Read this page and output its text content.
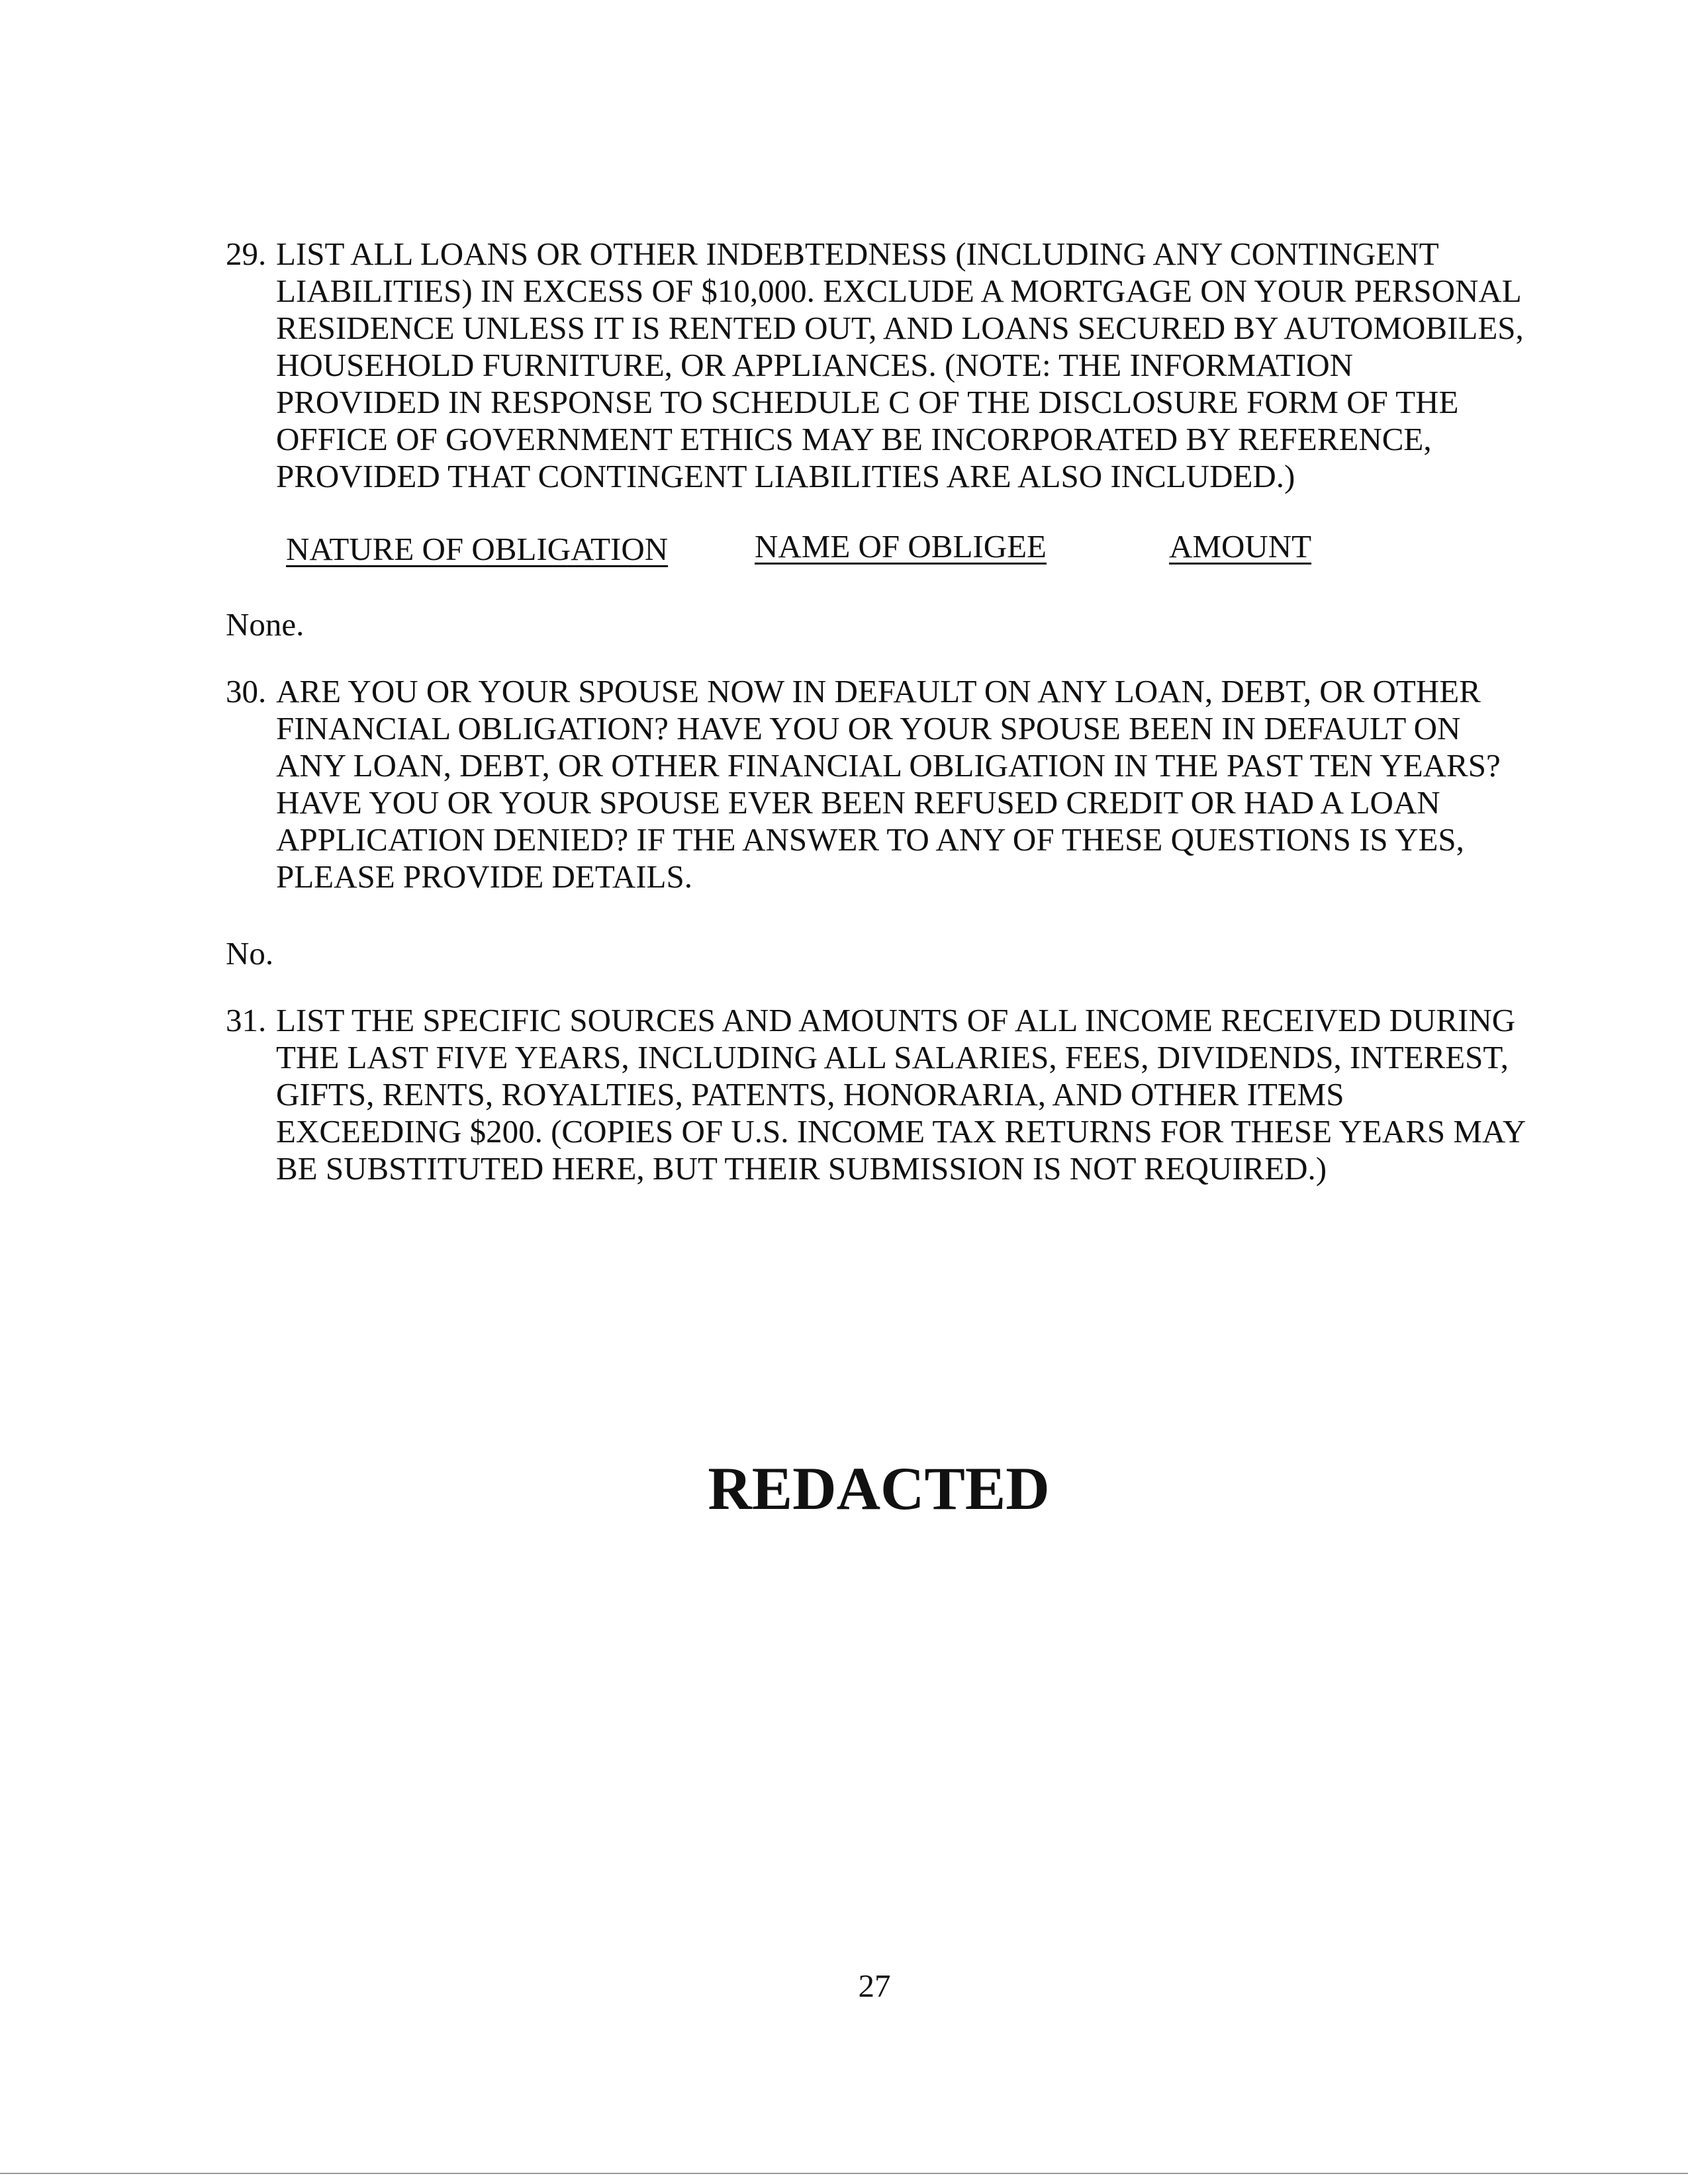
29. LIST ALL LOANS OR OTHER INDEBTEDNESS (INCLUDING ANY CONTINGENT
LIABILITIES) IN EXCESS OF $10,000. EXCLUDE A MORTGAGE ON YOUR PERSONAL
RESIDENCE UNLESS IT IS RENTED OUT, AND LOANS SECURED BY AUTOMOBILES,
HOUSEHOLD FURNITURE, OR APPLIANCES. (NOTE: THE INFORMATION
PROVIDED IN RESPONSE TO SCHEDULE C OF THE DISCLOSURE FORM OF THE
OFFICE OF GOVERNMENT ETHICS MAY BE INCORPORATED BY REFERENCE,
PROVIDED THAT CONTINGENT LIABILITIES ARE ALSO INCLUDED.)
NATURE OF OBLIGATION	NAME OF OBLIGEE	AMOUNT
None.
30. ARE YOU OR YOUR SPOUSE NOW IN DEFAULT ON ANY LOAN, DEBT, OR OTHER
FINANCIAL OBLIGATION? HAVE YOU OR YOUR SPOUSE BEEN IN DEFAULT ON
ANY LOAN, DEBT, OR OTHER FINANCIAL OBLIGATION IN THE PAST TEN YEARS?
HAVE YOU OR YOUR SPOUSE EVER BEEN REFUSED CREDIT OR HAD A LOAN
APPLICATION DENIED? IF THE ANSWER TO ANY OF THESE QUESTIONS IS YES,
PLEASE PROVIDE DETAILS.
No.
31. LIST THE SPECIFIC SOURCES AND AMOUNTS OF ALL INCOME RECEIVED DURING
THE LAST FIVE YEARS, INCLUDING ALL SALARIES, FEES, DIVIDENDS, INTEREST,
GIFTS, RENTS, ROYALTIES, PATENTS, HONORARIA, AND OTHER ITEMS
EXCEEDING $200. (COPIES OF U.S. INCOME TAX RETURNS FOR THESE YEARS MAY
BE SUBSTITUTED HERE, BUT THEIR SUBMISSION IS NOT REQUIRED.)
REDACTED
27
